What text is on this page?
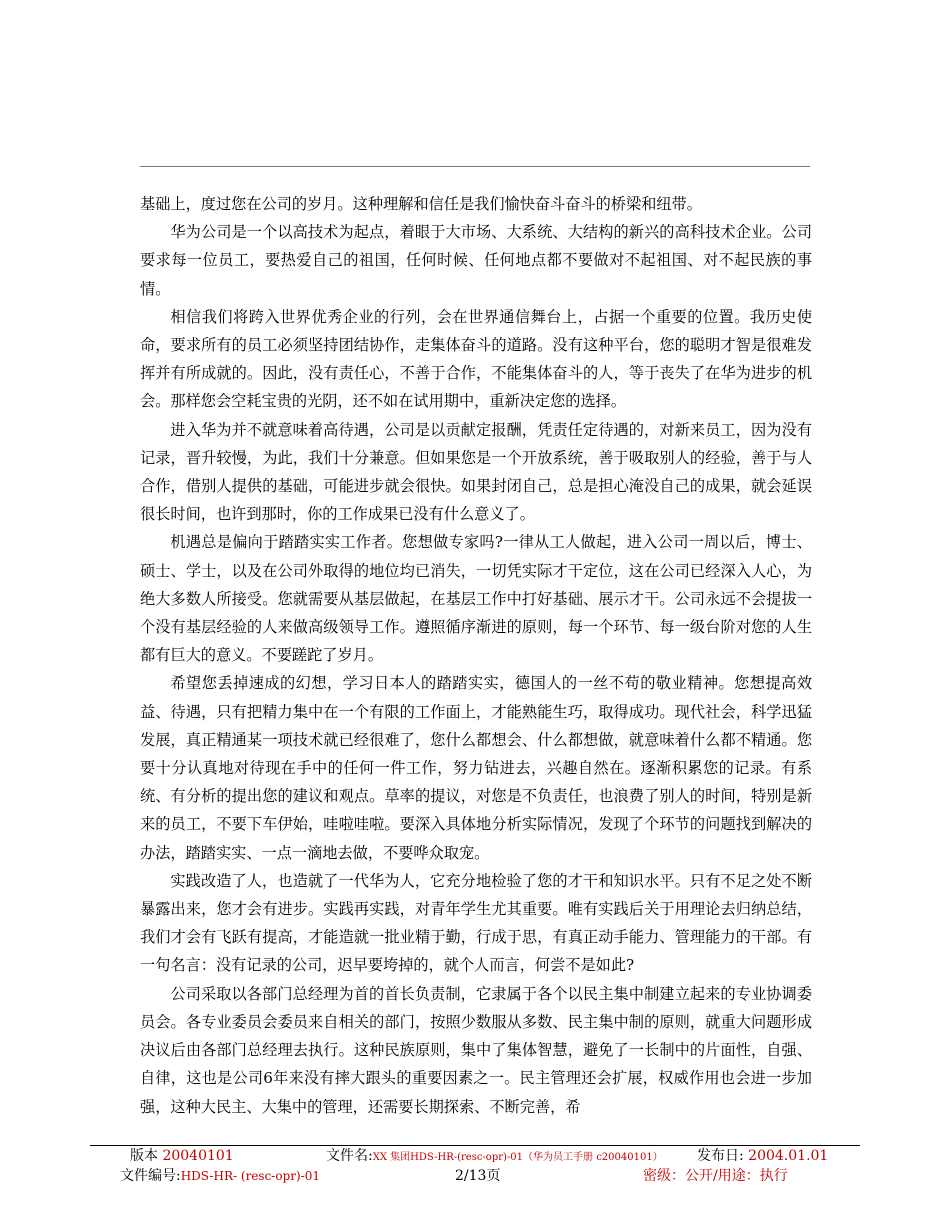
基础上，度过您在公司的岁月。这种理解和信任是我们愉快奋斗奋斗的桥梁和纽带。

华为公司是一个以高技术为起点，着眼于大市场、大系统、大结构的新兴的高科技术企业。公司要求每一位员工，要热爱自己的祖国，任何时候、任何地点都不要做对不起祖国、对不起民族的事情。

相信我们将跨入世界优秀企业的行列，会在世界通信舞台上，占据一个重要的位置。我历史使命，要求所有的员工必须坚持团结协作，走集体奋斗的道路。没有这种平台，您的聪明才智是很难发挥并有所成就的。因此，没有责任心，不善于合作，不能集体奋斗的人，等于丧失了在华为进步的机会。那样您会空耗宝贵的光阴，还不如在试用期中，重新决定您的选择。

进入华为并不就意味着高待遇，公司是以贡献定报酬，凭责任定待遇的，对新来员工，因为没有记录，晋升较慢，为此，我们十分兼意。但如果您是一个开放系统，善于吸取别人的经验，善于与人合作，借别人提供的基础，可能进步就会很快。如果封闭自己，总是担心淹没自己的成果，就会延误很长时间，也许到那时，你的工作成果已没有什么意义了。

机遇总是偏向于踏踏实实工作者。您想做专家吗?一律从工人做起，进入公司一周以后，博士、硕士、学士，以及在公司外取得的地位均已消失，一切凭实际才干定位，这在公司已经深入人心，为绝大多数人所接受。您就需要从基层做起，在基层工作中打好基础、展示才干。公司永远不会提拔一个没有基层经验的人来做高级领导工作。遵照循序渐进的原则，每一个环节、每一级台阶对您的人生都有巨大的意义。不要蹉跎了岁月。

希望您丢掉速成的幻想，学习日本人的踏踏实实，德国人的一丝不苟的敬业精神。您想提高效益、待遇，只有把精力集中在一个有限的工作面上，才能熟能生巧，取得成功。现代社会，科学迅猛发展，真正精通某一项技术就已经很难了，您什么都想会、什么都想做，就意味着什么都不精通。您要十分认真地对待现在手中的任何一件工作，努力钻进去，兴趣自然在。逐渐积累您的记录。有系统、有分析的提出您的建议和观点。草率的提议，对您是不负责任，也浪费了别人的时间，特别是新来的员工，不要下车伊始，哇啦哇啦。要深入具体地分析实际情况，发现了个环节的问题找到解决的办法，踏踏实实、一点一滴地去做，不要哗众取宠。

实践改造了人，也造就了一代华为人，它充分地检验了您的才干和知识水平。只有不足之处不断暴露出来，您才会有进步。实践再实践，对青年学生尤其重要。唯有实践后关于用理论去归纳总结，我们才会有飞跃有提高，才能造就一批业精于勤，行成于思，有真正动手能力、管理能力的干部。有一句名言：没有记录的公司，迟早要垮掉的，就个人而言，何尝不是如此?

公司采取以各部门总经理为首的首长负责制，它隶属于各个以民主集中制建立起来的专业协调委员会。各专业委员会委员来自相关的部门，按照少数服从多数、民主集中制的原则，就重大问题形成决议后由各部门总经理去执行。这种民族原则，集中了集体智慧，避免了一长制中的片面性，自强、自律，这也是公司6年来没有摔大跟头的重要因素之一。民主管理还会扩展，权威作用也会进一步加强，这种大民主、大集中的管理，还需要长期探索、不断完善，希

版本 20040101	文件名:XX 集团HDS-HR-(resc-opr)-01（华为员工手册 c20040101） 发布日: 2004.01.01
文件编号:HDS-HR- (resc-opr)-01	2/13页	密级：公开/用途：执行
